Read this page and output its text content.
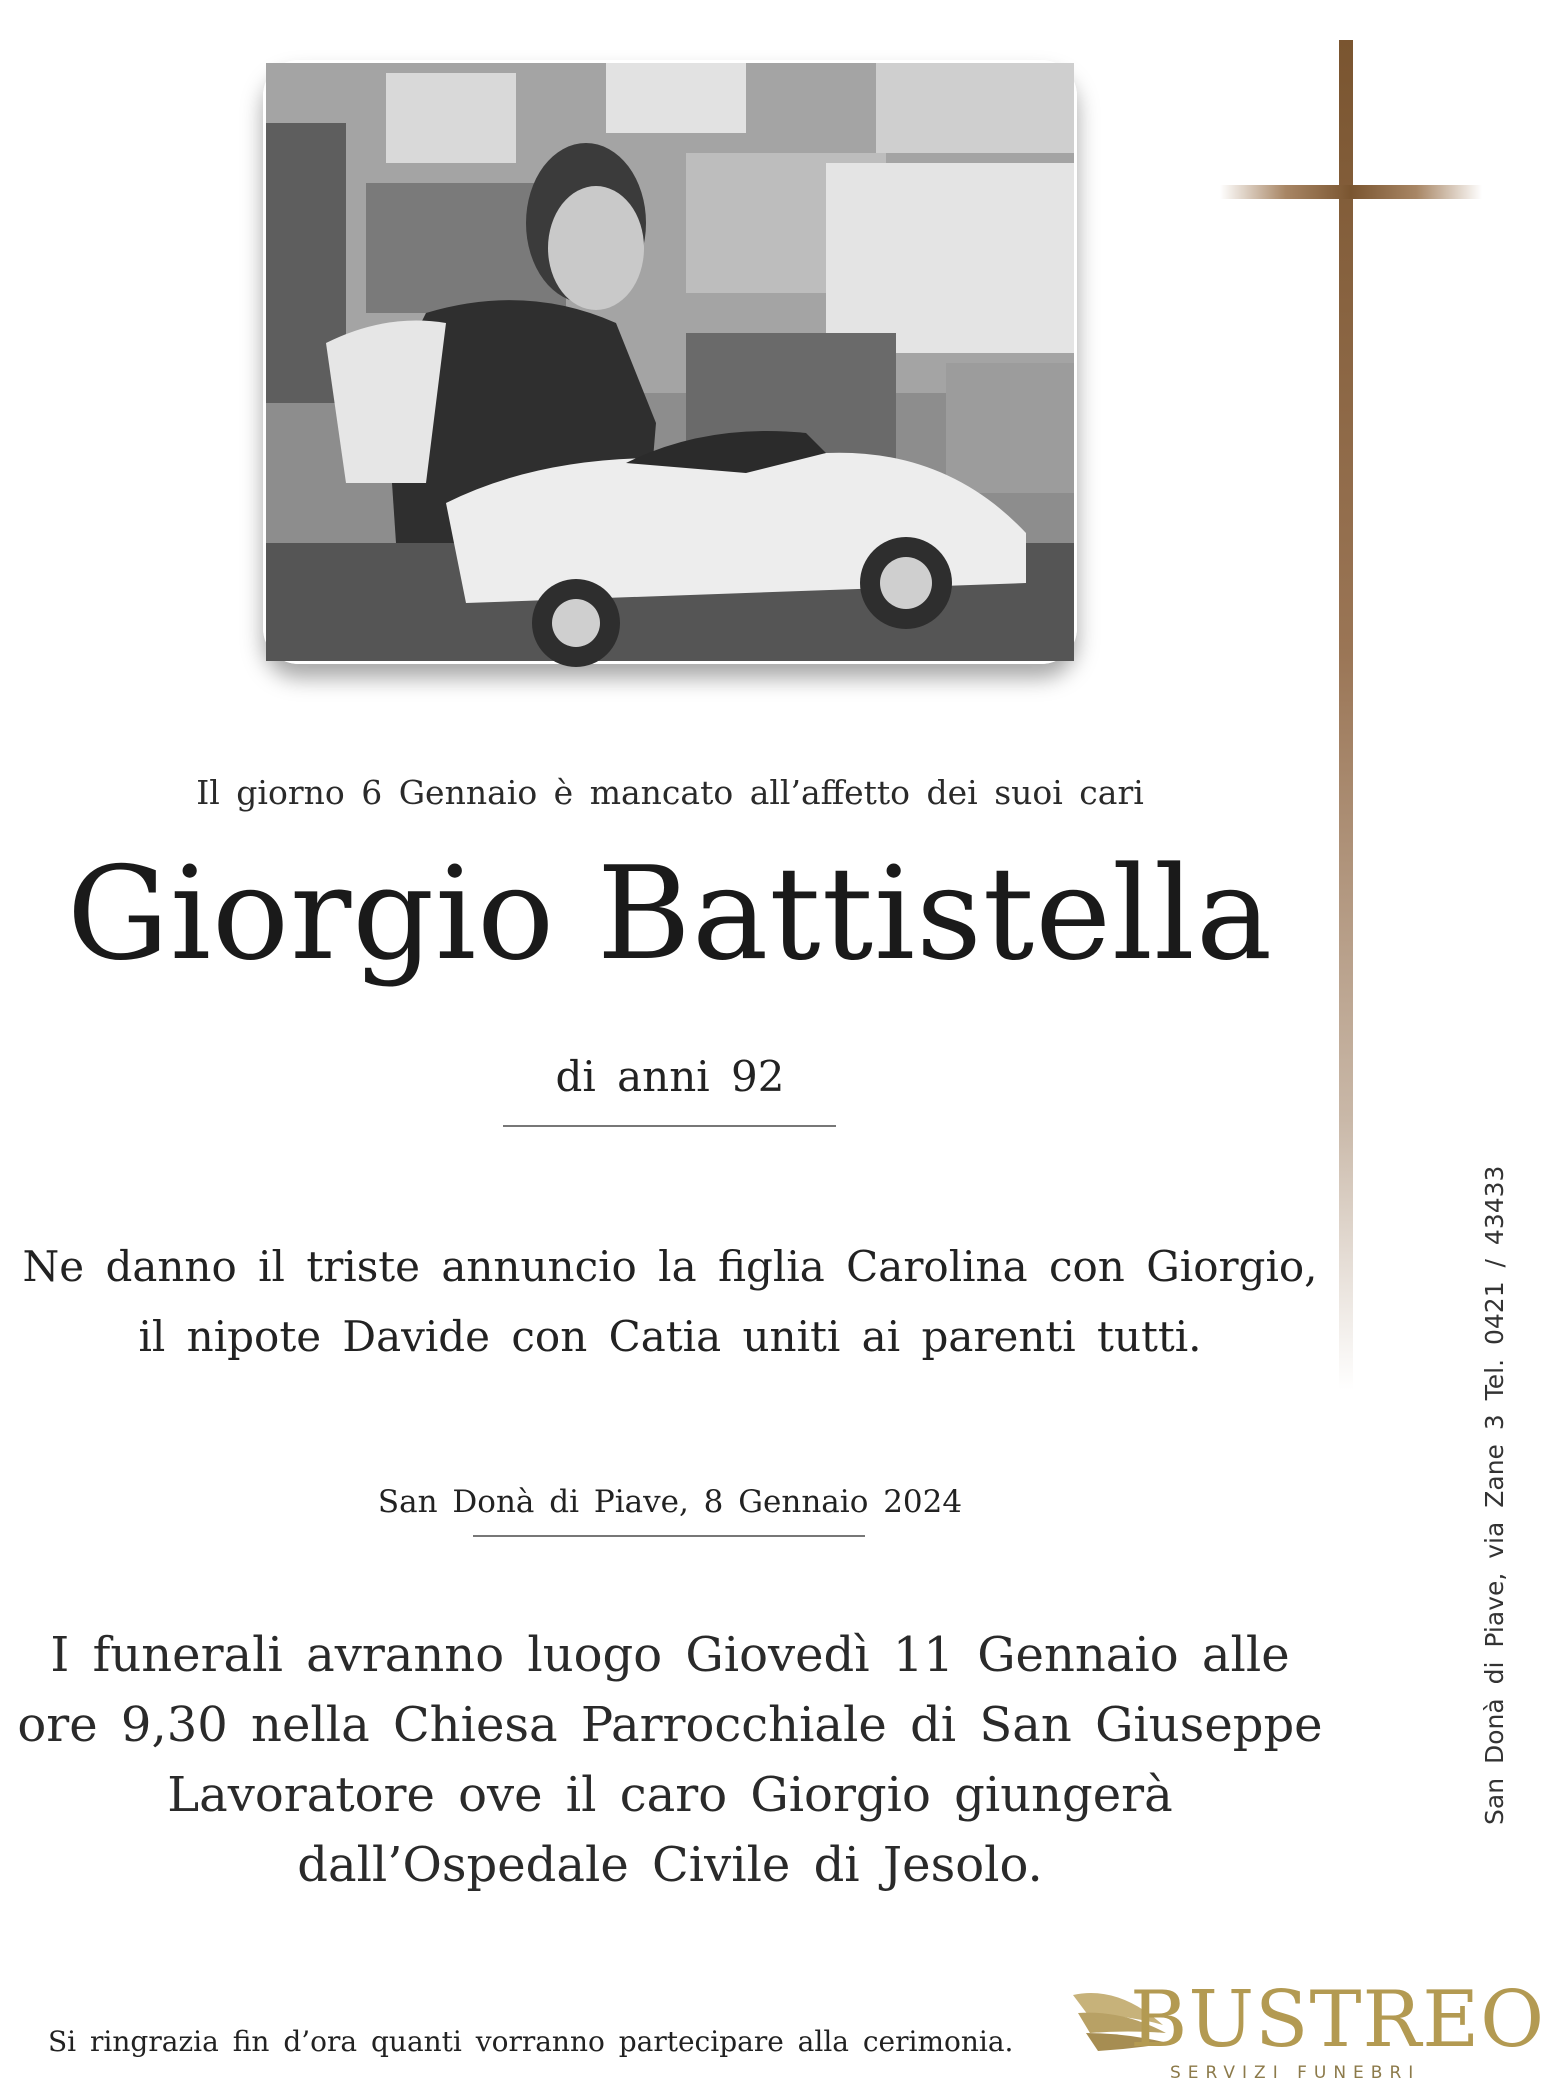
Il giorno 6 Gennaio è mancato all’affetto dei suoi cari
Giorgio Battistella
di anni 92
Ne danno il triste annuncio la figlia Carolina con Giorgio,
il nipote Davide con Catia uniti ai parenti tutti.
San Donà di Piave, 8 Gennaio 2024
I funerali avranno luogo Giovedì 11 Gennaio alle
ore 9,30 nella Chiesa Parrocchiale di San Giuseppe
Lavoratore ove il caro Giorgio giungerà
dall’Ospedale Civile di Jesolo.
Si ringrazia fin d’ora quanti vorranno partecipare alla cerimonia.
San Donà di Piave, via Zane 3 Tel. 0421 / 43433
BUSTREO
SERVIZI FUNEBRI
